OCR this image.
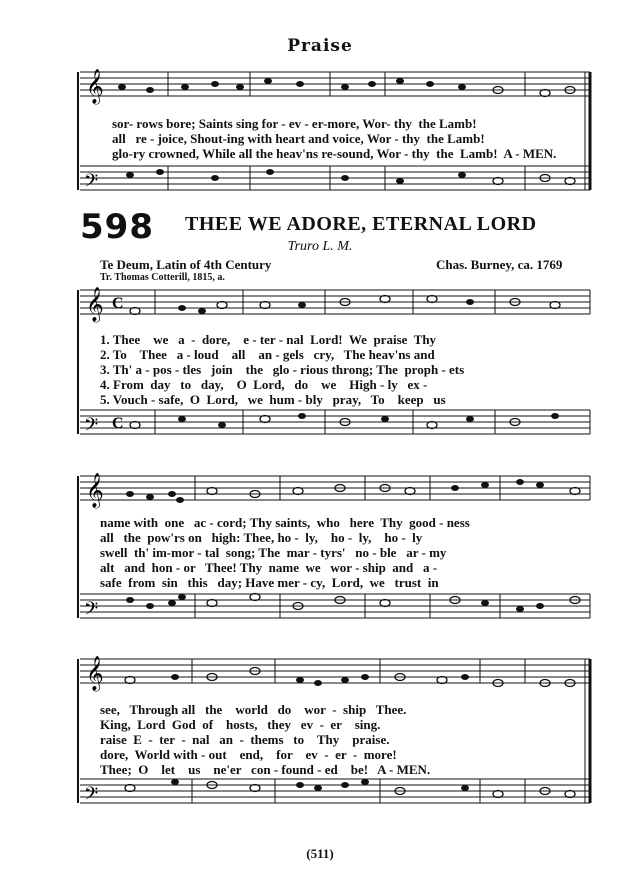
Praise
𝄞
𝄢
sor- rows bore; Saints sing for - ev - er-more, Wor- thy  the Lamb!
all   re - joice, Shout-ing with heart and voice, Wor - thy  the Lamb!
glo-ry crowned, While all the heav'ns re-sound, Wor - thy  the  Lamb!  A - MEN.
598 THEE WE ADORE, ETERNAL LORD
Truro L. M.
Te Deum, Latin of 4th Century
Tr. Thomas Cotterill, 1815, a.
Chas. Burney, ca. 1769
𝄞
𝄢
C
C
1. Thee    we   a  -  dore,    e - ter - nal  Lord!  We  praise  Thy
2. To    Thee   a - loud    all    an - gels   cry,   The heav'ns and
3. Th' a - pos - tles   join    the   glo - rious throng; The  proph - ets
4. From  day   to   day,    O  Lord,   do    we    High - ly   ex -
5. Vouch - safe,  O  Lord,   we  hum - bly   pray,   To    keep   us
𝄞
𝄢
name with  one   ac - cord; Thy saints,  who   here  Thy  good - ness
all   the  pow'rs on   high: Thee, ho -  ly,    ho -  ly,    ho -  ly
swell  th' im-mor - tal  song; The  mar - tyrs'   no - ble   ar - my
alt   and  hon - or   Thee! Thy  name  we   wor - ship  and   a -
safe  from  sin   this   day; Have mer - cy,  Lord,  we   trust  in
𝄞
𝄢
see,   Through all   the    world   do    wor  -  ship   Thee.
King,  Lord  God  of    hosts,   they   ev  -  er    sing.
raise  E  -  ter  -  nal   an  -  thems   to    Thy    praise.
dore,  World with - out    end,    for    ev  -  er  -  more!
Thee;  O    let    us    ne'er   con - found - ed    be!   A - MEN.
(511)
